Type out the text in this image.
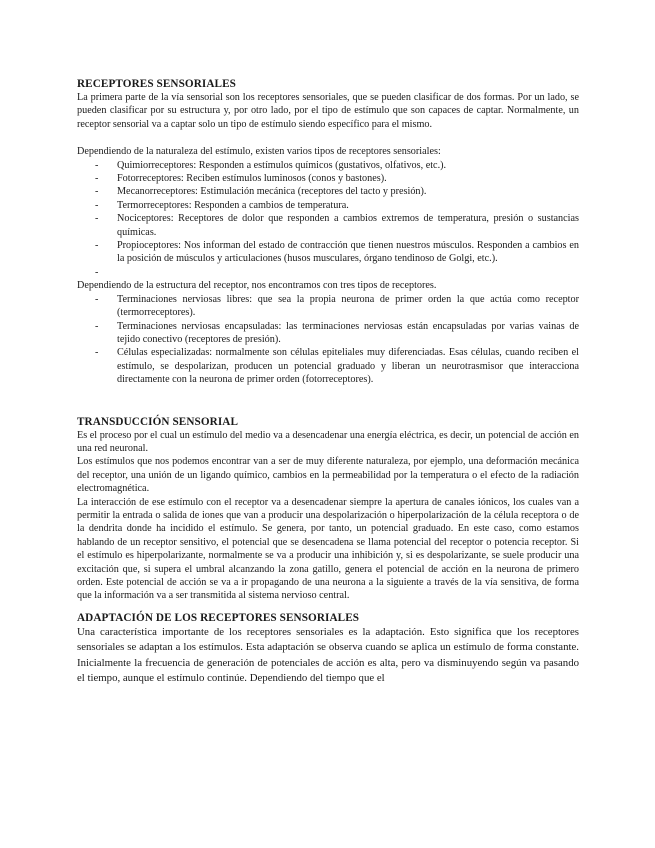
RECEPTORES SENSORIALES

La primera parte de la vía sensorial son los receptores sensoriales, que se pueden clasificar de dos formas. Por un lado, se pueden clasificar por su estructura y, por otro lado, por el tipo de estímulo que son capaces de captar. Normalmente, un receptor sensorial va a captar solo un tipo de estímulo siendo específico para el mismo.

Dependiendo de la naturaleza del estímulo, existen varios tipos de receptores sensoriales:

- Quimiorreceptores: Responden a estímulos químicos (gustativos, olfativos, etc.).
- Fotorreceptores: Reciben estímulos luminosos (conos y bastones).
- Mecanorreceptores: Estimulación mecánica (receptores del tacto y presión).
- Termorreceptores: Responden a cambios de temperatura.
- Nociceptores: Receptores de dolor que responden a cambios extremos de temperatura, presión o sustancias químicas.
- Propioceptores: Nos informan del estado de contracción que tienen nuestros músculos. Responden a cambios en la posición de músculos y articulaciones (husos musculares, órgano tendinoso de Golgi, etc.).

-

Dependiendo de la estructura del receptor, nos encontramos con tres tipos de receptores.

- Terminaciones nerviosas libres: que sea la propia neurona de primer orden la que actúa como receptor (termorreceptores).
- Terminaciones nerviosas encapsuladas: las terminaciones nerviosas están encapsuladas por varias vainas de tejido conectivo (receptores de presión).
- Células especializadas: normalmente son células epiteliales muy diferenciadas. Esas células, cuando reciben el estímulo, se despolarizan, producen un potencial graduado y liberan un neurotrasmisor que interacciona directamente con la neurona de primer orden (fotorreceptores).
TRANSDUCCIÓN SENSORIAL

Es el proceso por el cual un estímulo del medio va a desencadenar una energía eléctrica, es decir, un potencial de acción en una red neuronal.

Los estímulos que nos podemos encontrar van a ser de muy diferente naturaleza, por ejemplo, una deformación mecánica del receptor, una unión de un ligando químico, cambios en la permeabilidad por la temperatura o el efecto de la radiación electromagnética.

La interacción de ese estímulo con el receptor va a desencadenar siempre la apertura de canales iónicos, los cuales van a permitir la entrada o salida de iones que van a producir una despolarización o hiperpolarización de la célula receptora o de la dendrita donde ha incidido el estímulo. Se genera, por tanto, un potencial graduado. En este caso, como estamos hablando de un receptor sensitivo, el potencial que se desencadena se llama potencial del receptor o potencia receptor. Si el estímulo es hiperpolarizante, normalmente se va a producir una inhibición y, si es despolarizante, se suele producir una excitación que, si supera el umbral alcanzando la zona gatillo, genera el potencial de acción en la neurona de primero orden. Este potencial de acción se va a ir propagando de una neurona a la siguiente a través de la vía sensitiva, de forma que la información va a ser transmitida al sistema nervioso central.

ADAPTACIÓN DE LOS RECEPTORES SENSORIALES

Una característica importante de los receptores sensoriales es la adaptación. Esto significa que los receptores sensoriales se adaptan a los estímulos. Esta adaptación se observa cuando se aplica un estímulo de forma constante. Inicialmente la frecuencia de generación de potenciales de acción es alta, pero va disminuyendo según va pasando el tiempo, aunque el estímulo continúe. Dependiendo del tiempo que el
